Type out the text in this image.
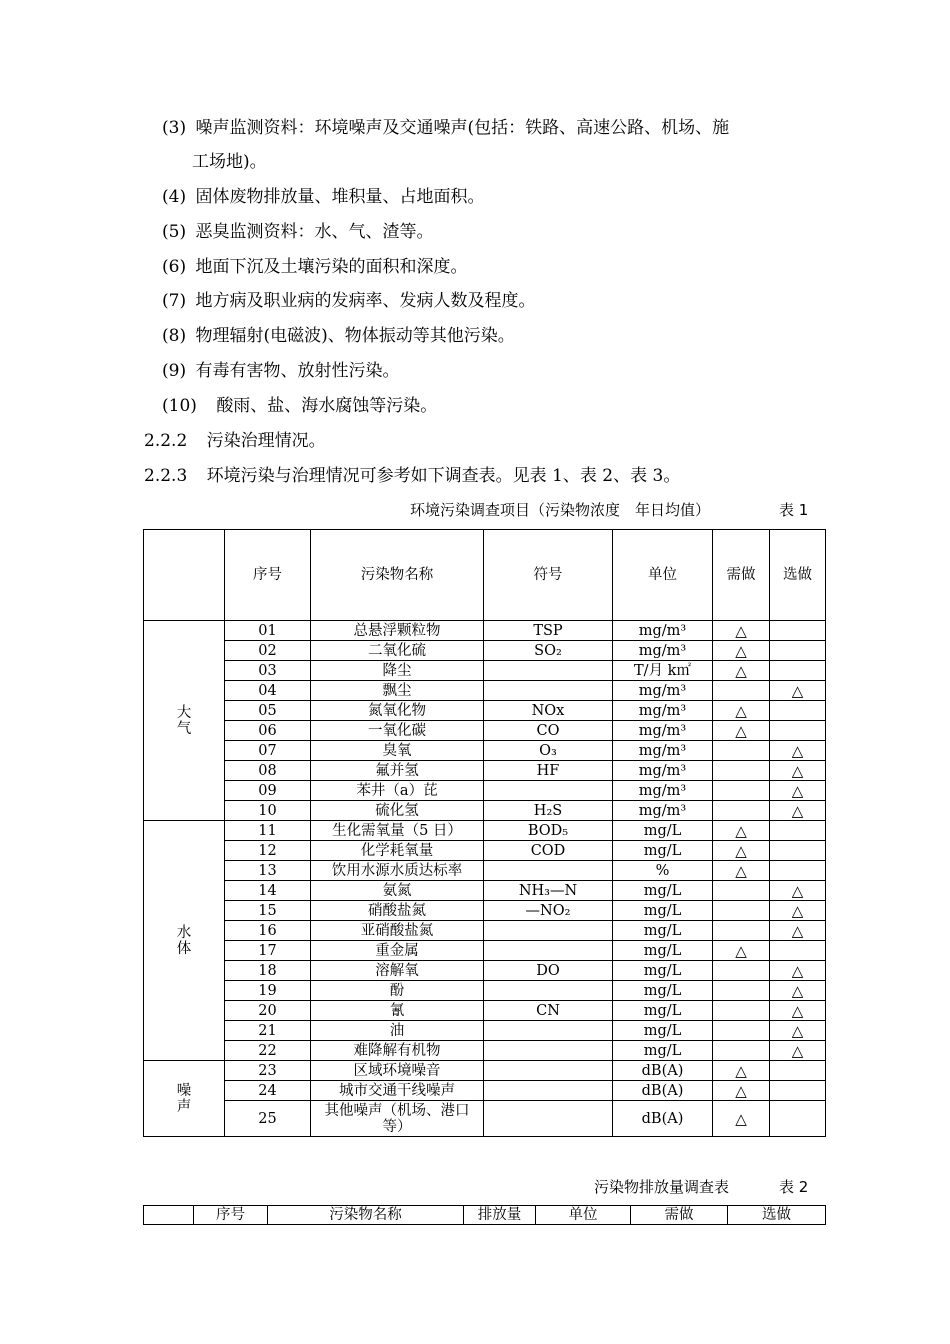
(3) 噪声监测资料：环境噪声及交通噪声(包括：铁路、高速公路、机场、施
工场地)。
(4) 固体废物排放量、堆积量、占地面积。
(5) 恶臭监测资料：水、气、渣等。
(6) 地面下沉及土壤污染的面积和深度。
(7) 地方病及职业病的发病率、发病人数及程度。
(8) 物理辐射(电磁波)、物体振动等其他污染。
(9) 有毒有害物、放射性污染。
(10) 酸雨、盐、海水腐蚀等污染。
2.2.2 污染治理情况。
2.2.3 环境污染与治理情况可参考如下调查表。见表 1、表 2、表 3。
环境污染调查项目（污染物浓度　年日均值）	表 1
	序号	污染物名称	符号	单位	需做	选做
大气	01	总悬浮颗粒物	TSP	mg/m³	△	
	02	二氧化硫	SO₂	mg/m³	△	
	03	降尘		T/月 k㎡	△	
	04	飘尘		mg/m³		△
	05	氮氧化物	NOx	mg/m³	△	
	06	一氧化碳	CO	mg/m³	△	
	07	臭氧	O₃	mg/m³		△
	08	氟并氢	HF	mg/m³		△
	09	苯井（a）芘		mg/m³		△
	10	硫化氢	H₂S	mg/m³		△
水体	11	生化需氧量（5 日）	BOD₅	mg/L	△	
	12	化学耗氧量	COD	mg/L	△	
	13	饮用水源水质达标率		%	△	
	14	氨氮	NH₃—N	mg/L		△
	15	硝酸盐氮	—NO₂	mg/L		△
	16	亚硝酸盐氮		mg/L		△
	17	重金属		mg/L	△	
	18	溶解氧	DO	mg/L		△
	19	酚		mg/L		△
	20	氰	CN	mg/L		△
	21	油		mg/L		△
	22	难降解有机物		mg/L		△
噪声	23	区域环境噪音		dB(A)	△	
	24	城市交通干线噪声		dB(A)	△	
	25	其他噪声（机场、港口等）		dB(A)	△	
污染物排放量调查表	表 2
	序号	污染物名称	排放量	单位	需做	选做
